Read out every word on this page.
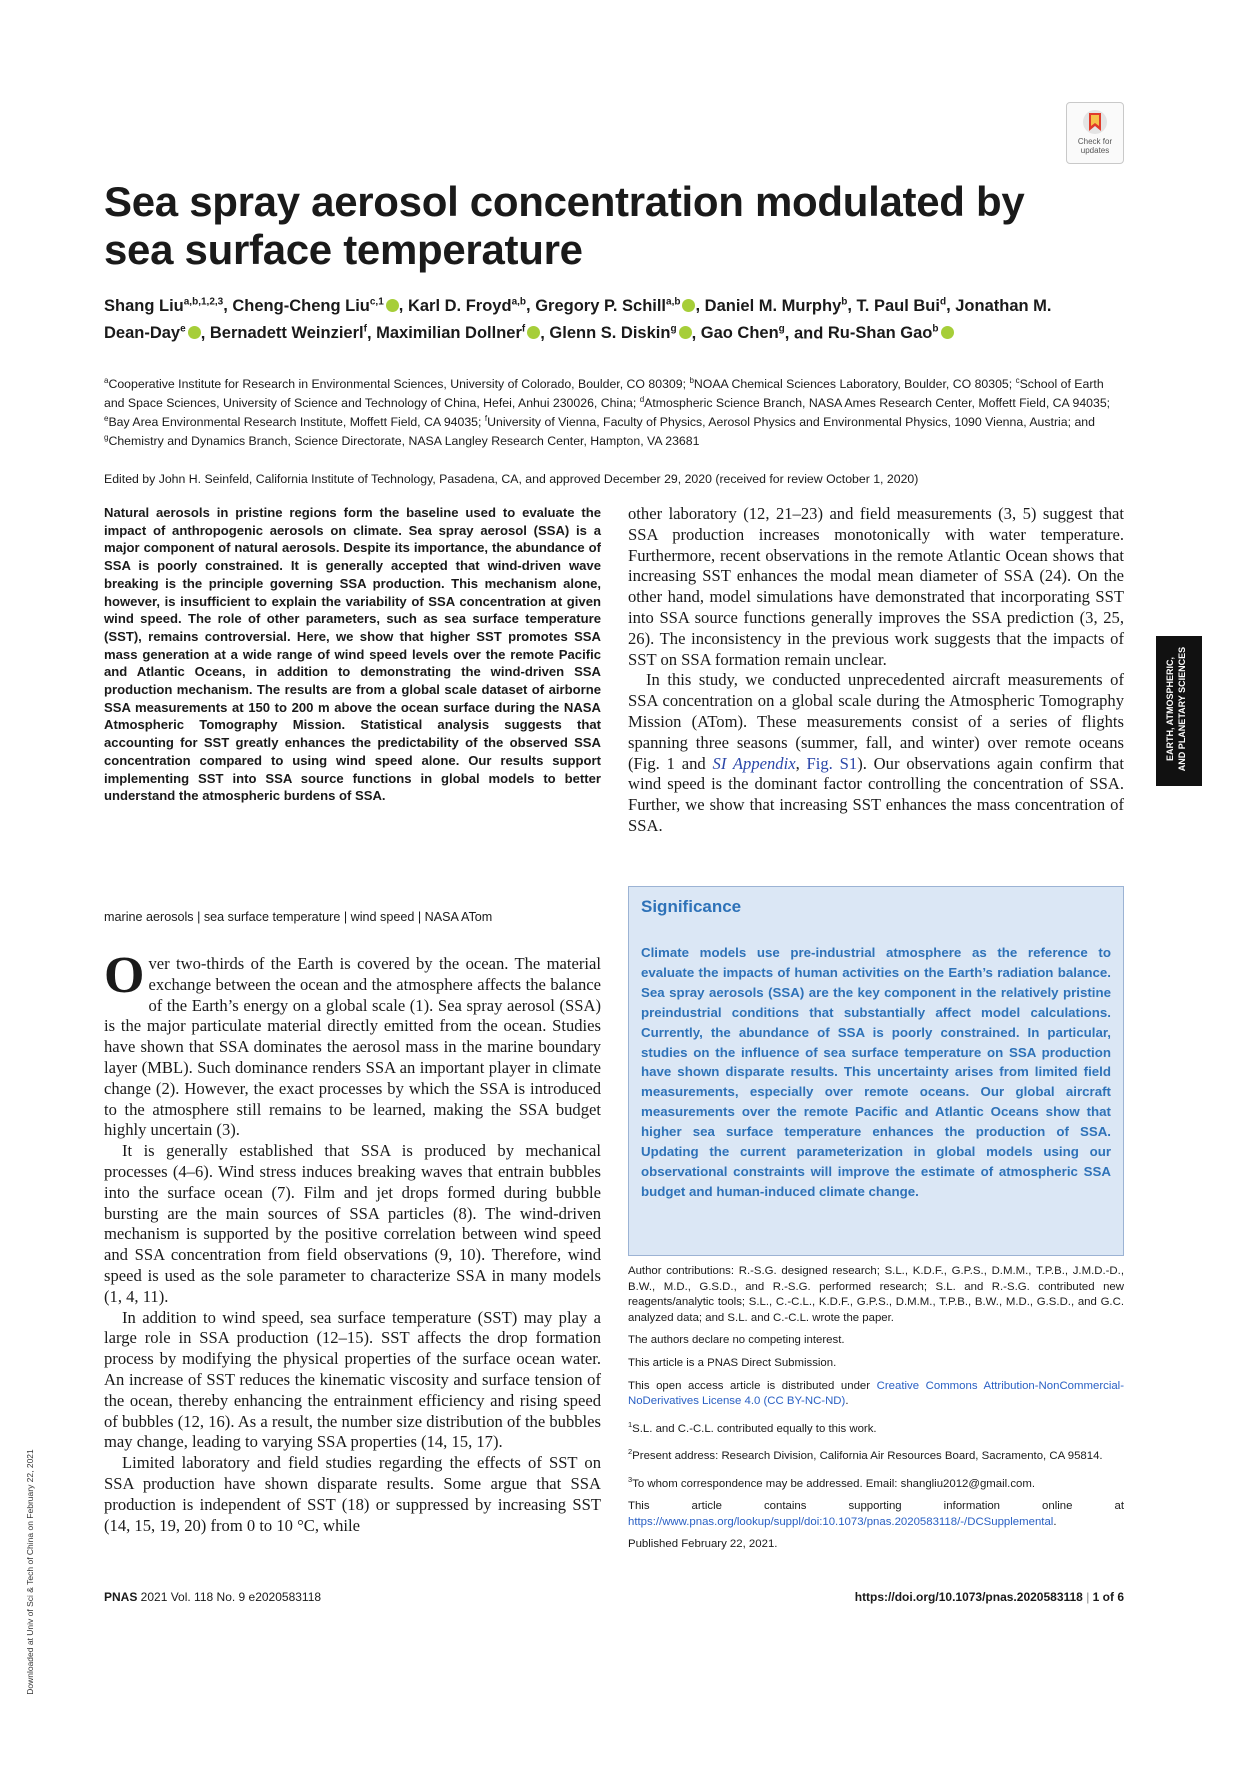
Check for
updates
Sea spray aerosol concentration modulated by sea surface temperature
Shang Liu$^{a,b,1,2,3}$, Cheng-Cheng Liu$^{c,1}$ , Karl D. Froyd$^{a,b}$, Gregory P. Schill$^{a,b}$ , Daniel M. Murphy$^b$, T. Paul Bui$^d$, Jonathan M. Dean-Day$^e$ , Bernadett Weinzierl$^f$, Maximilian Dollner$^f$ , Glenn S. Diskin$^g$ , Gao Chen$^g$, and Ru-Shan Gao$^b$
$^a$Cooperative Institute for Research in Environmental Sciences, University of Colorado, Boulder, CO 80309; $^b$NOAA Chemical Sciences Laboratory, Boulder, CO 80305; $^c$School of Earth and Space Sciences, University of Science and Technology of China, Hefei, Anhui 230026, China; $^d$Atmospheric Science Branch, NASA Ames Research Center, Moffett Field, CA 94035; $^e$Bay Area Environmental Research Institute, Moffett Field, CA 94035; $^f$University of Vienna, Faculty of Physics, Aerosol Physics and Environmental Physics, 1090 Vienna, Austria; and $^g$Chemistry and Dynamics Branch, Science Directorate, NASA Langley Research Center, Hampton, VA 23681
Edited by John H. Seinfeld, California Institute of Technology, Pasadena, CA, and approved December 29, 2020 (received for review October 1, 2020)
Natural aerosols in pristine regions form the baseline used to evaluate the impact of anthropogenic aerosols on climate. Sea spray aerosol (SSA) is a major component of natural aerosols. Despite its importance, the abundance of SSA is poorly constrained. It is generally accepted that wind-driven wave breaking is the principle governing SSA production. This mechanism alone, however, is insufficient to explain the variability of SSA concentration at given wind speed. The role of other parameters, such as sea surface temperature (SST), remains controversial. Here, we show that higher SST promotes SSA mass generation at a wide range of wind speed levels over the remote Pacific and Atlantic Oceans, in addition to demonstrating the wind-driven SSA production mechanism. The results are from a global scale dataset of airborne SSA measurements at 150 to 200 m above the ocean surface during the NASA Atmospheric Tomography Mission. Statistical analysis suggests that accounting for SST greatly enhances the predictability of the observed SSA concentration compared to using wind speed alone. Our results support implementing SST into SSA source functions in global models to better understand the atmospheric burdens of SSA.
marine aerosols | sea surface temperature | wind speed | NASA ATom

Over two-thirds of the Earth is covered by the ocean. The material exchange between the ocean and the atmosphere affects the balance of the Earth’s energy on a global scale (1). Sea spray aerosol (SSA) is the major particulate material directly emitted from the ocean. Studies have shown that SSA dominates the aerosol mass in the marine boundary layer (MBL). Such dominance renders SSA an important player in climate change (2). However, the exact processes by which the SSA is introduced to the atmosphere still remains to be learned, making the SSA budget highly uncertain (3).

It is generally established that SSA is produced by mechanical processes (4–6). Wind stress induces breaking waves that entrain bubbles into the surface ocean (7). Film and jet drops formed during bubble bursting are the main sources of SSA particles (8). The wind-driven mechanism is supported by the positive correlation between wind speed and SSA concentration from field observations (9, 10). Therefore, wind speed is used as the sole parameter to characterize SSA in many models (1, 4, 11).

In addition to wind speed, sea surface temperature (SST) may play a large role in SSA production (12–15). SST affects the drop formation process by modifying the physical properties of the surface ocean water. An increase of SST reduces the kinematic viscosity and surface tension of the ocean, thereby enhancing the entrainment efficiency and rising speed of bubbles (12, 16). As a result, the number size distribution of the bubbles may change, leading to varying SSA properties (14, 15, 17).

Limited laboratory and field studies regarding the effects of SST on SSA production have shown disparate results. Some argue that SSA production is independent of SST (18) or suppressed by increasing SST (14, 15, 19, 20) from 0 to 10 °C, while

other laboratory (12, 21–23) and field measurements (3, 5) suggest that SSA production increases monotonically with water temperature. Furthermore, recent observations in the remote Atlantic Ocean shows that increasing SST enhances the modal mean diameter of SSA (24). On the other hand, model simulations have demonstrated that incorporating SST into SSA source functions generally improves the SSA prediction (3, 25, 26). The inconsistency in the previous work suggests that the impacts of SST on SSA formation remain unclear.

In this study, we conducted unprecedented aircraft measurements of SSA concentration on a global scale during the Atmospheric Tomography Mission (ATom). These measurements consist of a series of flights spanning three seasons (summer, fall, and winter) over remote oceans (Fig. 1 and SI Appendix, Fig. S1). Our observations again confirm that wind speed is the dominant factor controlling the concentration of SSA. Further, we show that increasing SST enhances the mass concentration of SSA.

Significance
Climate models use pre-industrial atmosphere as the reference to evaluate the impacts of human activities on the Earth’s radiation balance. Sea spray aerosols (SSA) are the key component in the relatively pristine preindustrial conditions that substantially affect model calculations. Currently, the abundance of SSA is poorly constrained. In particular, studies on the influence of sea surface temperature on SSA production have shown disparate results. This uncertainty arises from limited field measurements, especially over remote oceans. Our global aircraft measurements over the remote Pacific and Atlantic Oceans show that higher sea surface temperature enhances the production of SSA. Updating the current parameterization in global models using our observational constraints will improve the estimate of atmospheric SSA budget and human-induced climate change.

Author contributions: R.-S.G. designed research; S.L., K.D.F., G.P.S., D.M.M., T.P.B., J.M.D.-D., B.W., M.D., G.S.D., and R.-S.G. performed research; S.L. and R.-S.G. contributed new reagents/analytic tools; S.L., C.-C.L., K.D.F., G.P.S., D.M.M., T.P.B., B.W., M.D., G.S.D., and G.C. analyzed data; and S.L. and C.-C.L. wrote the paper.

The authors declare no competing interest.

This article is a PNAS Direct Submission.

This open access article is distributed under Creative Commons Attribution-NonCommercial-NoDerivatives License 4.0 (CC BY-NC-ND).

$^1$S.L. and C.-C.L. contributed equally to this work.

$^2$Present address: Research Division, California Air Resources Board, Sacramento, CA 95814.

$^3$To whom correspondence may be addressed. Email: shangliu2012@gmail.com.

This article contains supporting information online at https://www.pnas.org/lookup/suppl/doi:10.1073/pnas.2020583118/-/DCSupplemental.

Published February 22, 2021.

PNAS 2021 Vol. 118 No. 9 e2020583118	https://doi.org/10.1073/pnas.2020583118 | 1 of 6
EARTH, ATMOSPHERIC, AND PLANETARY SCIENCES
Downloaded at Univ of Sci & Tech of China on February 22, 2021
